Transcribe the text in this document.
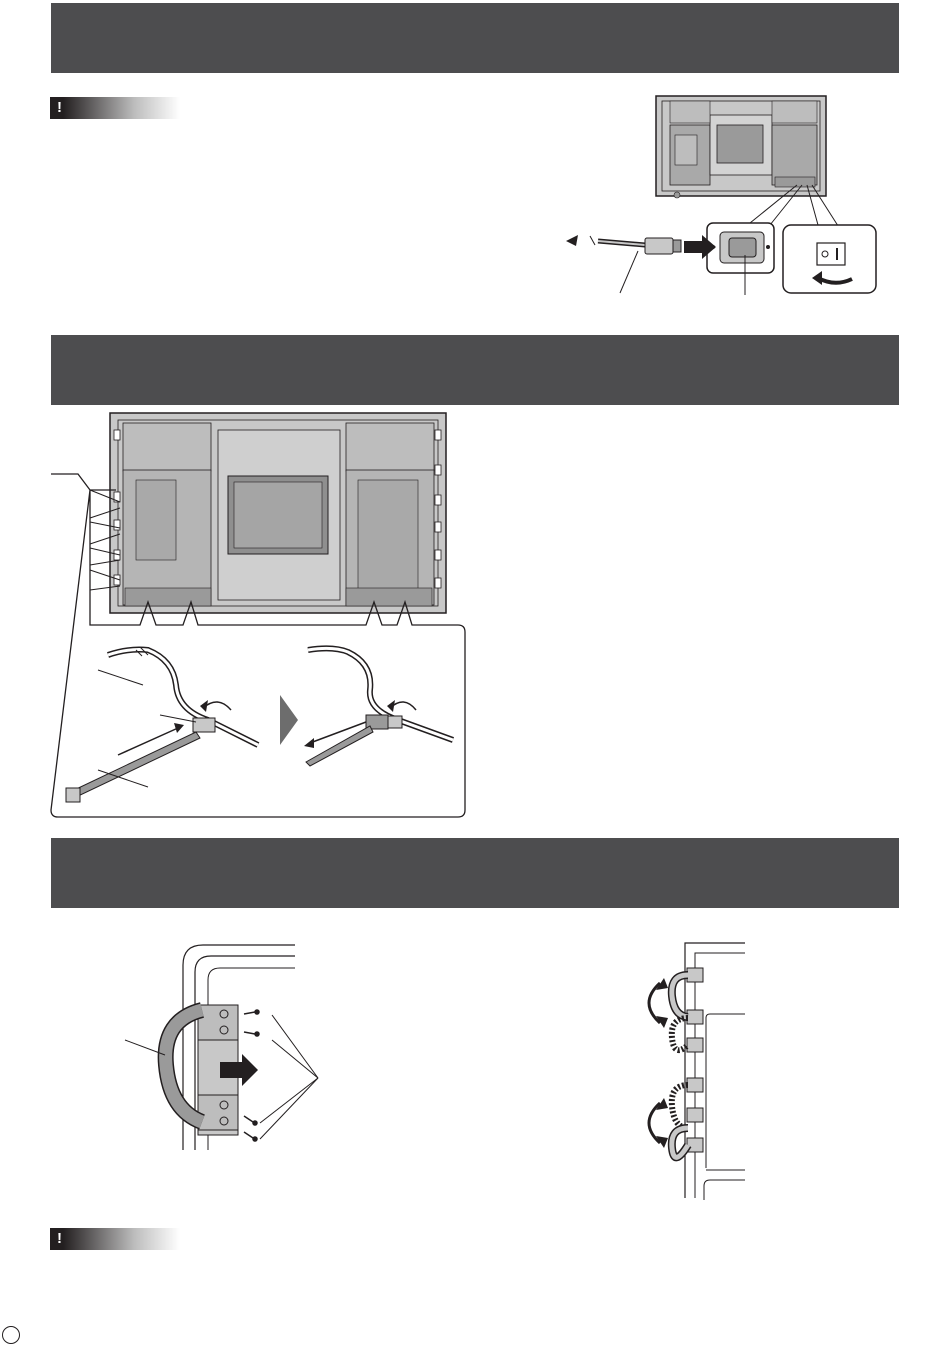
!
!
